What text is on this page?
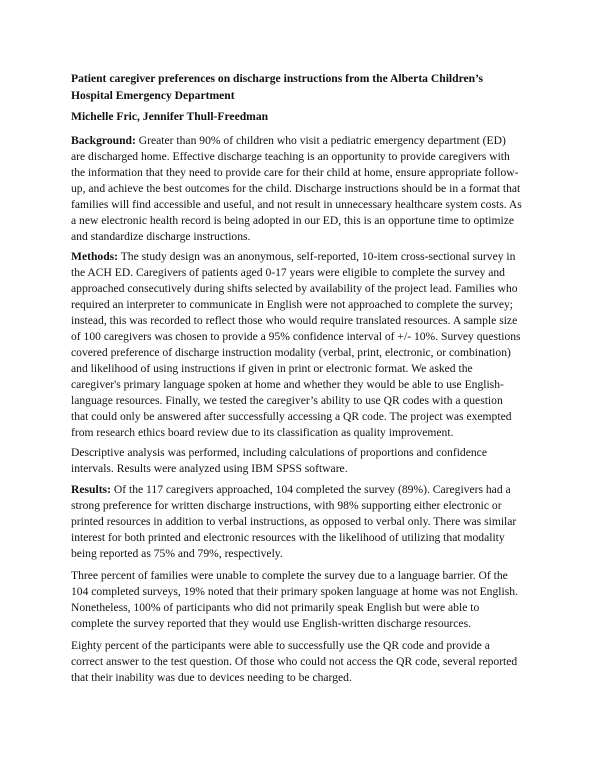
Patient caregiver preferences on discharge instructions from the Alberta Children’s
Hospital Emergency Department
Michelle Fric, Jennifer Thull-Freedman
Background: Greater than 90% of children who visit a pediatric emergency department (ED)
are discharged home. Effective discharge teaching is an opportunity to provide caregivers with
the information that they need to provide care for their child at home, ensure appropriate follow-
up, and achieve the best outcomes for the child. Discharge instructions should be in a format that
families will find accessible and useful, and not result in unnecessary healthcare system costs. As
a new electronic health record is being adopted in our ED, this is an opportune time to optimize
and standardize discharge instructions.
Methods: The study design was an anonymous, self-reported, 10-item cross-sectional survey in
the ACH ED. Caregivers of patients aged 0-17 years were eligible to complete the survey and
approached consecutively during shifts selected by availability of the project lead. Families who
required an interpreter to communicate in English were not approached to complete the survey;
instead, this was recorded to reflect those who would require translated resources. A sample size
of 100 caregivers was chosen to provide a 95% confidence interval of +/- 10%. Survey questions
covered preference of discharge instruction modality (verbal, print, electronic, or combination)
and likelihood of using instructions if given in print or electronic format. We asked the
caregiver's primary language spoken at home and whether they would be able to use English-
language resources. Finally, we tested the caregiver’s ability to use QR codes with a question
that could only be answered after successfully accessing a QR code. The project was exempted
from research ethics board review due to its classification as quality improvement.
Descriptive analysis was performed, including calculations of proportions and confidence
intervals. Results were analyzed using IBM SPSS software.
Results: Of the 117 caregivers approached, 104 completed the survey (89%). Caregivers had a
strong preference for written discharge instructions, with 98% supporting either electronic or
printed resources in addition to verbal instructions, as opposed to verbal only. There was similar
interest for both printed and electronic resources with the likelihood of utilizing that modality
being reported as 75% and 79%, respectively.
Three percent of families were unable to complete the survey due to a language barrier. Of the
104 completed surveys, 19% noted that their primary spoken language at home was not English.
Nonetheless, 100% of participants who did not primarily speak English but were able to
complete the survey reported that they would use English-written discharge resources.
Eighty percent of the participants were able to successfully use the QR code and provide a
correct answer to the test question. Of those who could not access the QR code, several reported
that their inability was due to devices needing to be charged.
